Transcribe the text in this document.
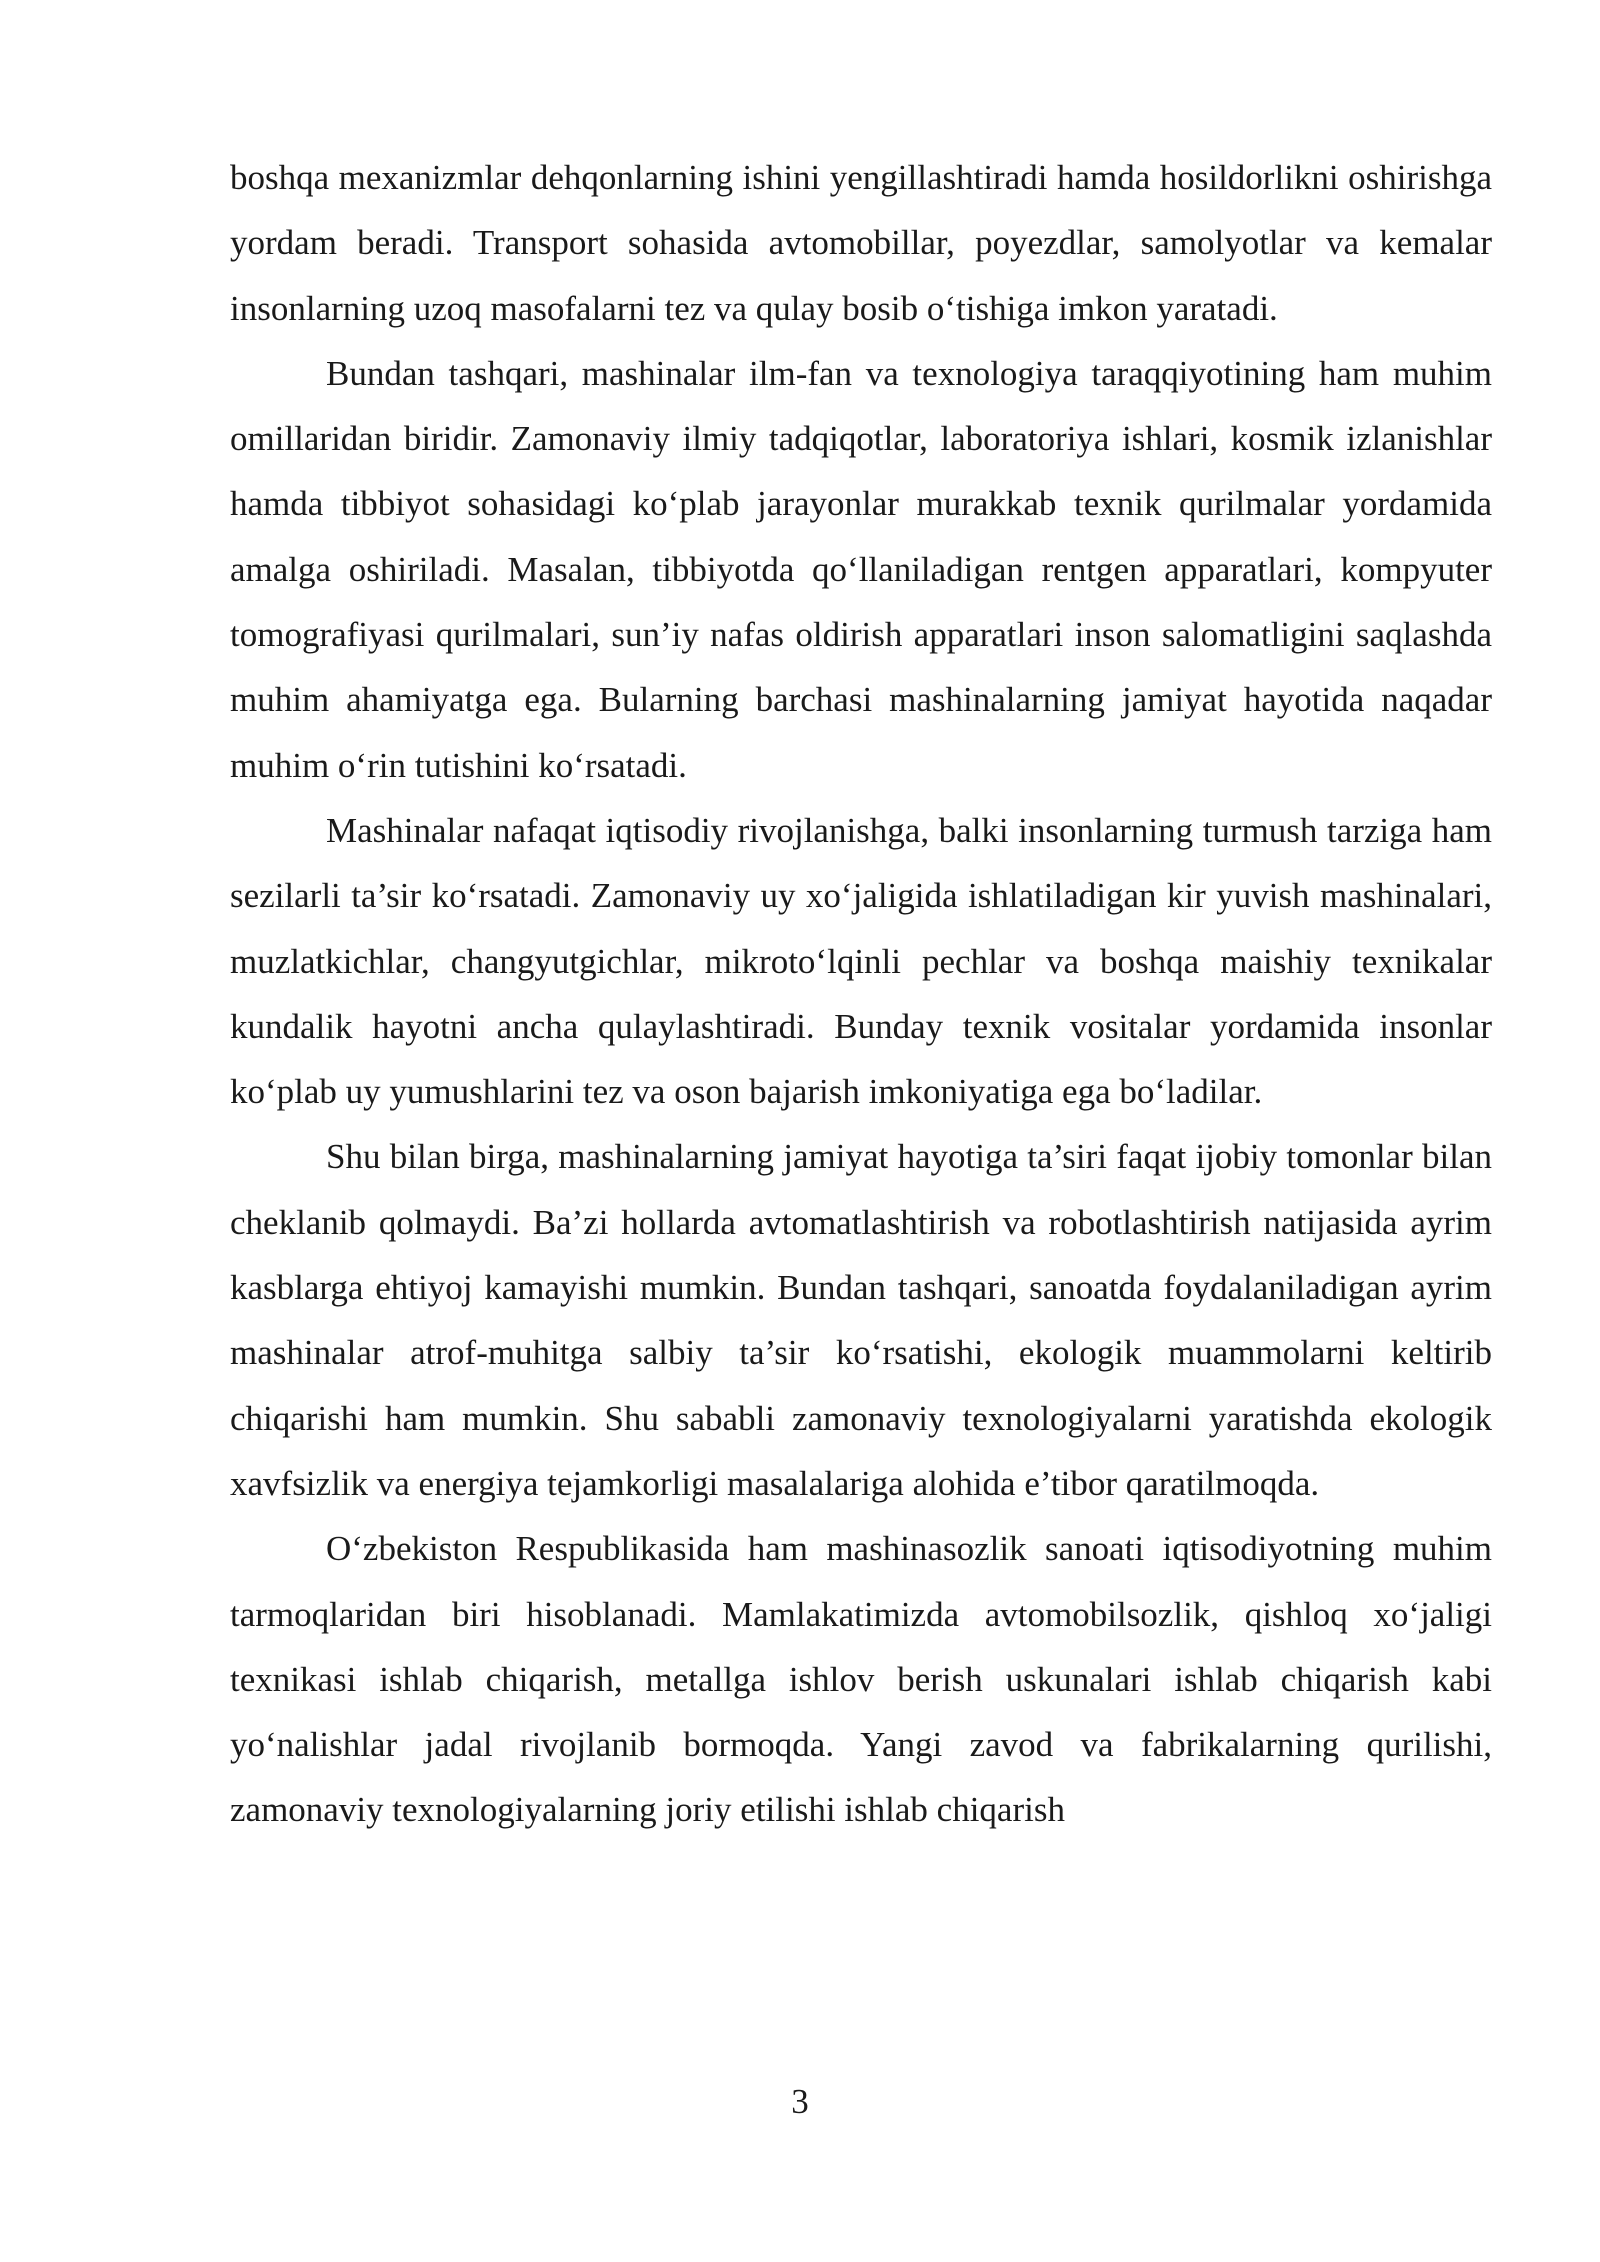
boshqa mexanizmlar dehqonlarning ishini yengillashtiradi hamda hosildorlikni oshirishga yordam beradi. Transport sohasida avtomobillar, poyezdlar, samolyotlar va kemalar insonlarning uzoq masofalarni tez va qulay bosib o‘tishiga imkon yaratadi.

Bundan tashqari, mashinalar ilm-fan va texnologiya taraqqiyotining ham muhim omillaridan biridir. Zamonaviy ilmiy tadqiqotlar, laboratoriya ishlari, kosmik izlanishlar hamda tibbiyot sohasidagi ko‘plab jarayonlar murakkab texnik qurilmalar yordamida amalga oshiriladi. Masalan, tibbiyotda qo‘llaniladigan rentgen apparatlari, kompyuter tomografiyasi qurilmalari, sun’iy nafas oldirish apparatlari inson salomatligini saqlashda muhim ahamiyatga ega. Bularning barchasi mashinalarning jamiyat hayotida naqadar muhim o‘rin tutishini ko‘rsatadi.

Mashinalar nafaqat iqtisodiy rivojlanishga, balki insonlarning turmush tarziga ham sezilarli ta’sir ko‘rsatadi. Zamonaviy uy xo‘jaligida ishlatiladigan kir yuvish mashinalari, muzlatkichlar, changyutgichlar, mikroto‘lqinli pechlar va boshqa maishiy texnikalar kundalik hayotni ancha qulaylashtiradi. Bunday texnik vositalar yordamida insonlar ko‘plab uy yumushlarini tez va oson bajarish imkoniyatiga ega bo‘ladilar.

Shu bilan birga, mashinalarning jamiyat hayotiga ta’siri faqat ijobiy tomonlar bilan cheklanib qolmaydi. Ba’zi hollarda avtomatlashtirish va robotlashtirish natijasida ayrim kasblarga ehtiyoj kamayishi mumkin. Bundan tashqari, sanoatda foydalaniladigan ayrim mashinalar atrof-muhitga salbiy ta’sir ko‘rsatishi, ekologik muammolarni keltirib chiqarishi ham mumkin. Shu sababli zamonaviy texnologiyalarni yaratishda ekologik xavfsizlik va energiya tejamkorligi masalalariga alohida e’tibor qaratilmoqda.

O‘zbekiston Respublikasida ham mashinasozlik sanoati iqtisodiyotning muhim tarmoqlaridan biri hisoblanadi. Mamlakatimizda avtomobilsozlik, qishloq xo‘jaligi texnikasi ishlab chiqarish, metallga ishlov berish uskunalari ishlab chiqarish kabi yo‘nalishlar jadal rivojlanib bormoqda. Yangi zavod va fabrikalarning qurilishi, zamonaviy texnologiyalarning joriy etilishi ishlab chiqarish

3
